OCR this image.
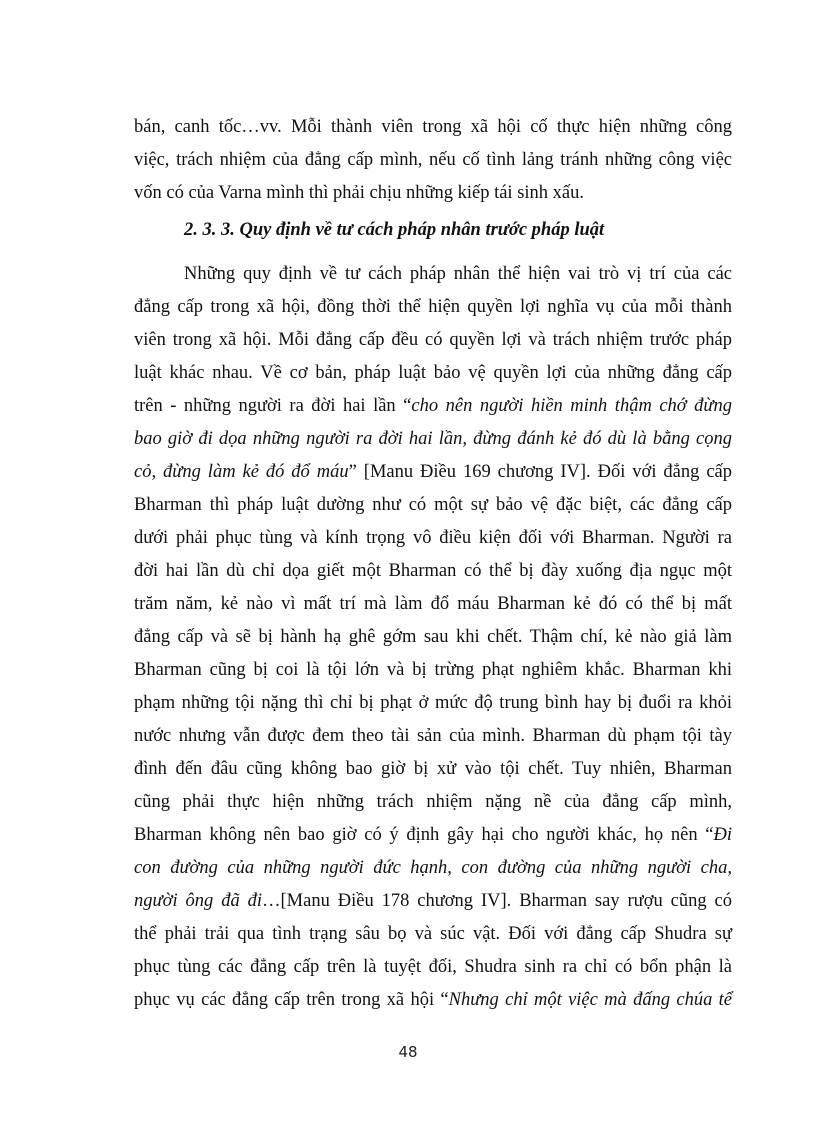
bán, canh tốc…vv. Mỗi thành viên trong xã hội cố thực hiện những công
việc, trách nhiệm của đẳng cấp mình, nếu cố tình lảng tránh những công việc
vốn có của Varna mình thì phải chịu những kiếp tái sinh xấu.
2. 3. 3. Quy định về tư cách pháp nhân trước pháp luật
Những quy định về tư cách pháp nhân thể hiện vai trò vị trí của các
đẳng cấp trong xã hội, đồng thời thể hiện quyền lợi nghĩa vụ của mỗi thành
viên trong xã hội. Mỗi đẳng cấp đều có quyền lợi và trách nhiệm trước pháp
luật khác nhau. Về cơ bản, pháp luật bảo vệ quyền lợi của những đẳng cấp
trên - những người ra đời hai lần “cho nên người hiền minh thậm chớ đừng
bao giờ đi dọa những người ra đời hai lần, đừng đánh kẻ đó dù là bằng cọng
cỏ, đừng làm kẻ đó đổ máu” [Manu Điều 169 chương IV]. Đối với đẳng cấp
Bharman thì pháp luật dường như có một sự bảo vệ đặc biệt, các đẳng cấp
dưới phải phục tùng và kính trọng vô điều kiện đối với Bharman. Người ra
đời hai lần dù chỉ dọa giết một Bharman có thể bị đày xuống địa ngục một
trăm năm, kẻ nào vì mất trí mà làm đổ máu Bharman kẻ đó có thể bị mất
đẳng cấp và sẽ bị hành hạ ghê gớm sau khi chết. Thậm chí, kẻ nào giả làm
Bharman cũng bị coi là tội lớn và bị trừng phạt nghiêm khắc. Bharman khi
phạm những tội nặng thì chỉ bị phạt ở mức độ trung bình hay bị đuổi ra khỏi
nước nhưng vẫn được đem theo tài sản của mình. Bharman dù phạm tội tày
đình đến đâu cũng không bao giờ bị xử vào tội chết. Tuy nhiên, Bharman
cũng phải thực hiện những trách nhiệm nặng nề của đẳng cấp mình,
Bharman không nên bao giờ có ý định gây hại cho người khác, họ nên “Đi
con đường của những người đức hạnh, con đường của những người cha,
người ông đã đi…[Manu Điều 178 chương IV]. Bharman say rượu cũng có
thể phải trải qua tình trạng sâu bọ và súc vật. Đối với đẳng cấp Shudra sự
phục tùng các đẳng cấp trên là tuyệt đối, Shudra sinh ra chỉ có bổn phận là
phục vụ các đẳng cấp trên trong xã hội “Nhưng chỉ một việc mà đấng chúa tể
48
